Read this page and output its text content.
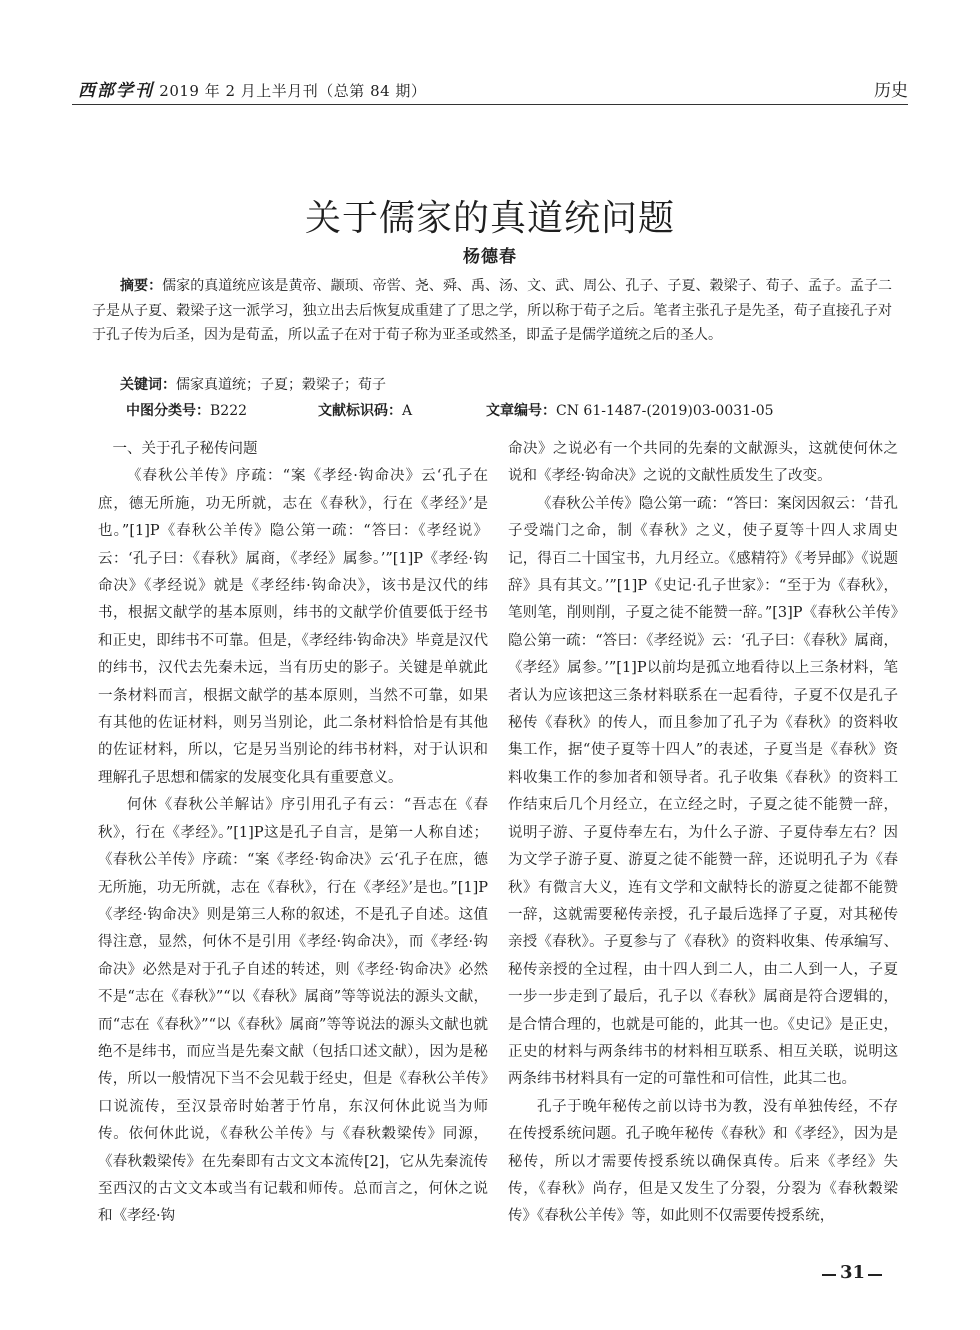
西部学刊 2019 年 2 月上半月刊（总第 84 期）	历史
关于儒家的真道统问题
杨德春
摘要：儒家的真道统应该是黄帝、颛顼、帝喾、尧、舜、禹、汤、文、武、周公、孔子、子夏、穀梁子、荀子、孟子。孟子二子是从子夏、穀梁子这一派学习，独立出去后恢复成重建了了思之学，所以称于荀子之后。笔者主张孔子是先圣，荀子直接孔子对于孔子传为后圣，因为是荀孟，所以孟子在对于荀子称为亚圣或然圣，即孟子是儒学道统之后的圣人。
关键词：儒家真道统；子夏；穀梁子；荀子
中图分类号：B222	文献标识码：A	文章编号：CN 61-1487-(2019)03-0031-05
一、关于孔子秘传问题

《春秋公羊传》序疏：“案《孝经·钩命决》云‘孔子在庶，德无所施，功无所就，志在《春秋》，行在《孝经》’是也。”[1]P《春秋公羊传》隐公第一疏：“答曰：《孝经说》云：‘孔子曰：《春秋》属商，《孝经》属参。’”[1]P《孝经·钩命决》《孝经说》就是《孝经纬·钩命决》，该书是汉代的纬书，根据文献学的基本原则，纬书的文献学价值要低于经书和正史，即纬书不可靠。但是，《孝经纬·钩命决》毕竟是汉代的纬书，汉代去先秦未远，当有历史的影子。关键是单就此一条材料而言，根据文献学的基本原则，当然不可靠，如果有其他的佐证材料，则另当别论，此二条材料恰恰是有其他的佐证材料，所以，它是另当别论的纬书材料，对于认识和理解孔子思想和儒家的发展变化具有重要意义。

何休《春秋公羊解诂》序引用孔子有云：“吾志在《春秋》，行在《孝经》。”[1]P这是孔子自言，是第一人称自述；《春秋公羊传》序疏：“案《孝经·钩命决》云‘孔子在庶，德无所施，功无所就，志在《春秋》，行在《孝经》’是也。”[1]P《孝经·钩命决》则是第三人称的叙述，不是孔子自述。这值得注意，显然，何休不是引用《孝经·钩命决》，而《孝经·钩命决》必然是对于孔子自述的转述，则《孝经·钩命决》必然不是“志在《春秋》”“以《春秋》属商”等等说法的源头文献，而“志在《春秋》”“以《春秋》属商”等等说法的源头文献也就绝不是纬书，而应当是先秦文献（包括口述文献），因为是秘传，所以一般情况下当不会见载于经史，但是《春秋公羊传》口说流传，至汉景帝时始著于竹帛，东汉何休此说当为师传。依何休此说，《春秋公羊传》与《春秋穀梁传》同源，《春秋穀梁传》在先秦即有古文文本流传[2]，它从先秦流传至西汉的古文文本或当有记载和师传。总而言之，何休之说和《孝经·钩

命决》之说必有一个共同的先秦的文献源头，这就使何休之说和《孝经·钩命决》之说的文献性质发生了改变。

《春秋公羊传》隐公第一疏：“答曰：案闵因叙云：‘昔孔子受端门之命，制《春秋》之义，使子夏等十四人求周史记，得百二十国宝书，九月经立。《感精符》《考异邮》《说题辞》具有其文。’”[1]P《史记·孔子世家》：“至于为《春秋》，笔则笔，削则削，子夏之徒不能赞一辞。”[3]P《春秋公羊传》隐公第一疏：“答曰：《孝经说》云：‘孔子曰：《春秋》属商，《孝经》属参。’”[1]P以前均是孤立地看待以上三条材料，笔者认为应该把这三条材料联系在一起看待，子夏不仅是孔子秘传《春秋》的传人，而且参加了孔子为《春秋》的资料收集工作，据“使子夏等十四人”的表述，子夏当是《春秋》资料收集工作的参加者和领导者。孔子收集《春秋》的资料工作结束后几个月经立，在立经之时，子夏之徒不能赞一辞，说明子游、子夏侍奉左右，为什么子游、子夏侍奉左右？因为文学子游子夏、游夏之徒不能赞一辞，还说明孔子为《春秋》有微言大义，连有文学和文献特长的游夏之徒都不能赞一辞，这就需要秘传亲授，孔子最后选择了子夏，对其秘传亲授《春秋》。子夏参与了《春秋》的资料收集、传承编写、秘传亲授的全过程，由十四人到二人，由二人到一人，子夏一步一步走到了最后，孔子以《春秋》属商是符合逻辑的，是合情合理的，也就是可能的，此其一也。《史记》是正史，正史的材料与两条纬书的材料相互联系、相互关联，说明这两条纬书材料具有一定的可靠性和可信性，此其二也。

孔子于晚年秘传之前以诗书为教，没有单独传经，不存在传授系统问题。孔子晚年秘传《春秋》和《孝经》，因为是秘传，所以才需要传授系统以确保真传。后来《孝经》失传，《春秋》尚存，但是又发生了分裂，分裂为《春秋穀梁传》《春秋公羊传》等，如此则不仅需要传授系统，

31
